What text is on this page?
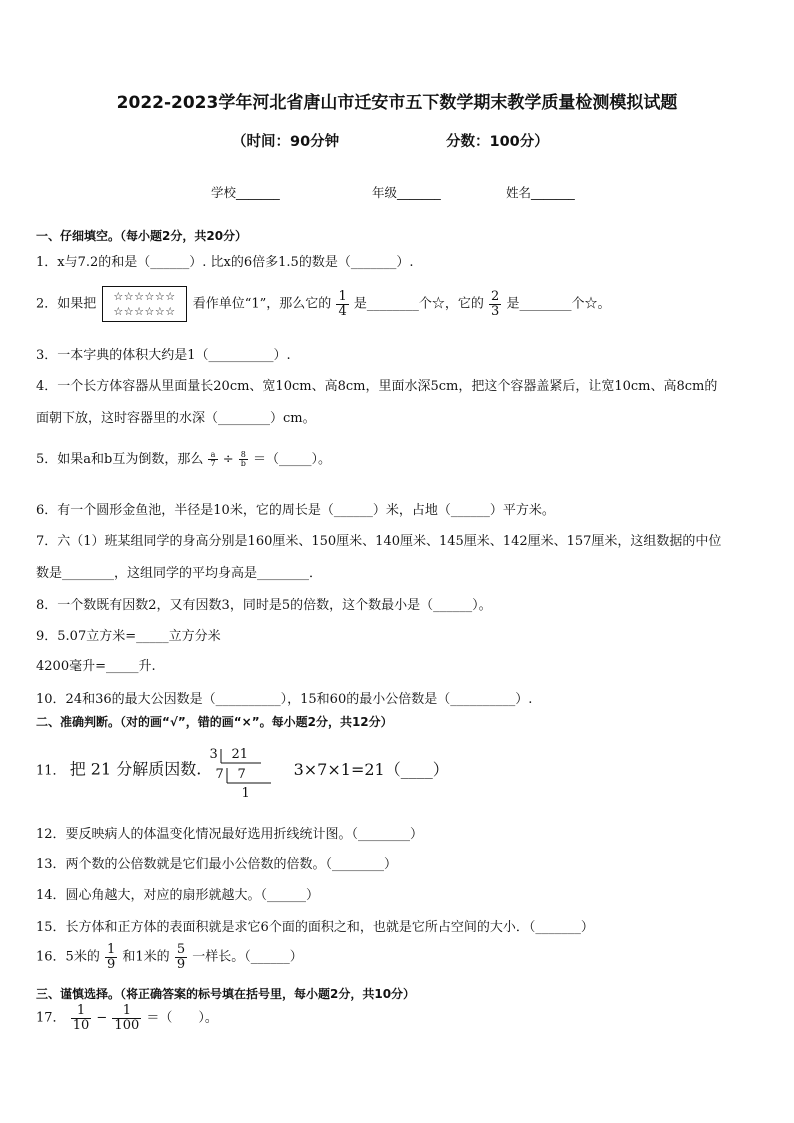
2022-2023学年河北省唐山市迁安市五下数学期末教学质量检测模拟试题
（时间：90分钟	分数：100分）
学校_______	年级_______	姓名_______
一、仔细填空。（每小题2分，共20分）
1．x与7.2的和是（______）. 比x的6倍多1.5的数是（_______）.
2．如果把 ☆☆☆☆☆☆
☆☆☆☆☆☆ 看作单位“1”，那么它的 $\frac{1}{4}$ 是________个☆，它的 $\frac{2}{3}$ 是________个☆。
3．一本字典的体积大约是1（__________）.
4．一个长方体容器从里面量长20cm、宽10cm、高8cm，里面水深5cm，把这个容器盖紧后，让宽10cm、高8cm的
面朝下放，这时容器里的水深（________）cm。
5．如果a和b互为倒数，那么 $\frac{a}{7} \div \frac{8}{b}$ ＝（_____）。
6．有一个圆形金鱼池，半径是10米，它的周长是（______）米，占地（______）平方米。
7．六（1）班某组同学的身高分别是160厘米、150厘米、140厘米、145厘米、142厘米、157厘米，这组数据的中位
数是________，这组同学的平均身高是________．
8．一个数既有因数2，又有因数3，同时是5的倍数，这个数最小是（______）。
9．5.07立方米=_____立方分米
4200毫升=_____升.
10．24和36的最大公因数是（__________），15和60的最小公倍数是（__________）.
二、准确判断。（对的画“√”，错的画“×”。每小题2分，共12分）
11． 把 21 分解质因数.
3 21
7 7
1
3×7×1=21（____）
12．要反映病人的体温变化情况最好选用折线统计图。（________）
13．两个数的公倍数就是它们最小公倍数的倍数。（________）
14．圆心角越大，对应的扇形就越大。（______）
15．长方体和正方体的表面积就是求它6个面的面积之和，也就是它所占空间的大小．（_______）
16．5米的 $\frac{1}{9}$ 和1米的 $\frac{5}{9}$ 一样长。（______）
三、谨慎选择。（将正确答案的标号填在括号里，每小题2分，共10分）
17． $\frac{1}{10} - \frac{1}{100}$ ＝（　　）。
